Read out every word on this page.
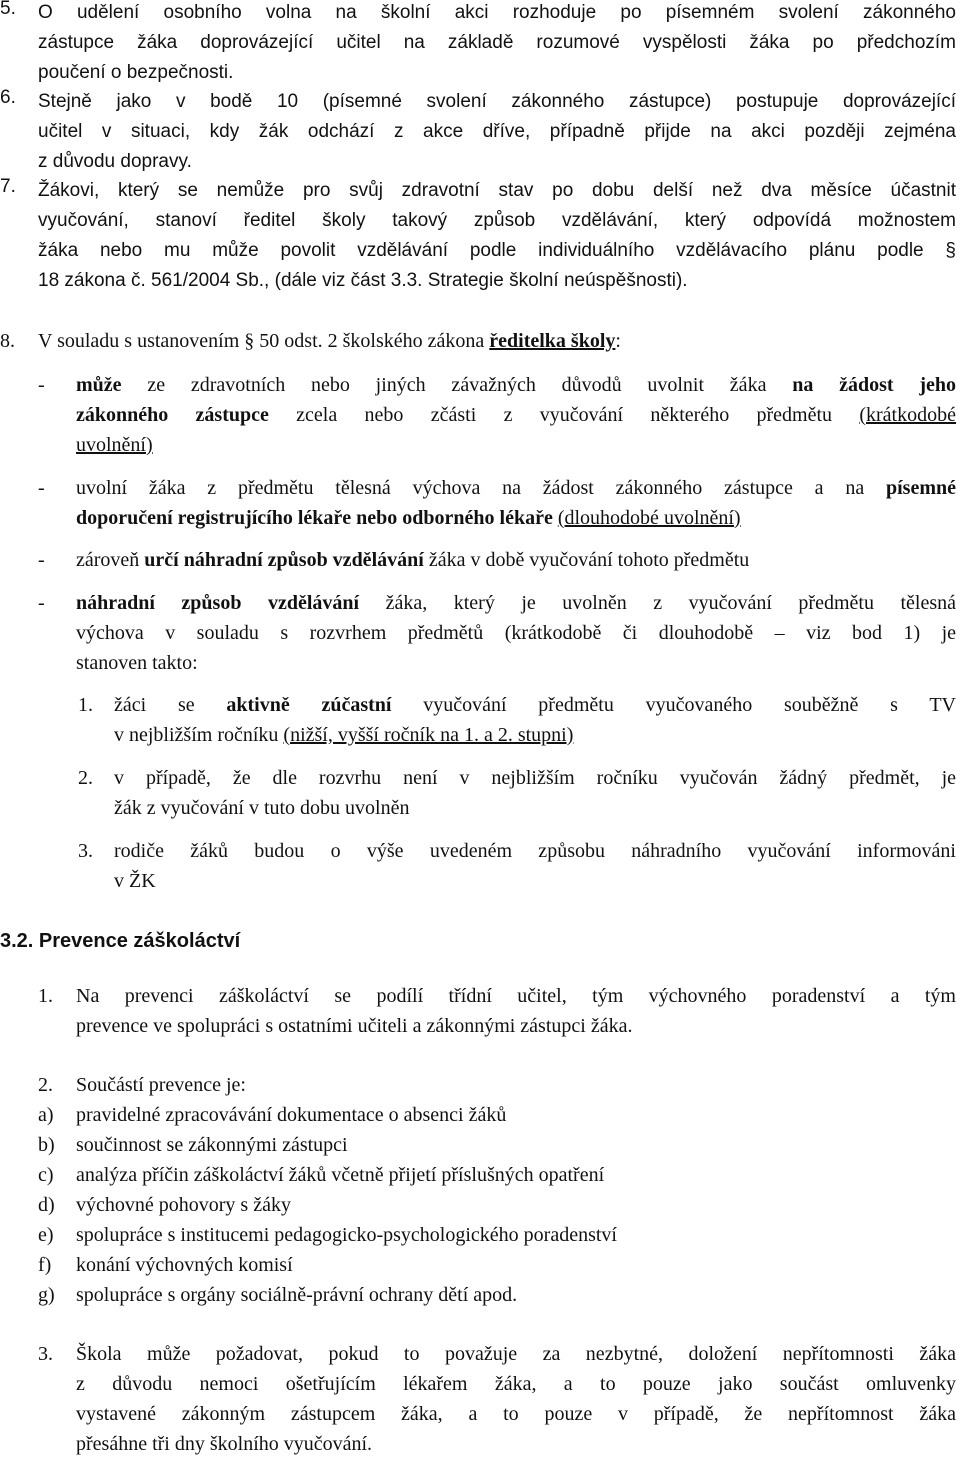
5. O udělení osobního volna na školní akci rozhoduje po písemném svolení zákonného
zástupce žáka doprovázející učitel na základě rozumové vyspělosti žáka po předchozím
poučení o bezpečnosti.
6. Stejně jako v bodě 10 (písemné svolení zákonného zástupce) postupuje doprovázející
učitel v situaci, kdy žák odchází z akce dříve, případně přijde na akci později zejména
z důvodu dopravy.
7. Žákovi, který se nemůže pro svůj zdravotní stav po dobu delší než dva měsíce účastnit
vyučování, stanoví ředitel školy takový způsob vzdělávání, který odpovídá možnostem
žáka nebo mu může povolit vzdělávání podle individuálního vzdělávacího plánu podle §
18 zákona č. 561/2004 Sb., (dále viz část 3.3. Strategie školní neúspěšnosti).
8. V souladu s ustanovením § 50 odst. 2 školského zákona ředitelka školy:
- může ze zdravotních nebo jiných závažných důvodů uvolnit žáka na žádost jeho
zákonného zástupce zcela nebo zčásti z vyučování některého předmětu (krátkodobé
uvolnění)
- uvolní žáka z předmětu tělesná výchova na žádost zákonného zástupce a na písemné
doporučení registrujícího lékaře nebo odborného lékaře (dlouhodobé uvolnění)
- zároveň určí náhradní způsob vzdělávání žáka v době vyučování tohoto předmětu
- náhradní způsob vzdělávání žáka, který je uvolněn z vyučování předmětu tělesná
výchova v souladu s rozvrhem předmětů (krátkodobě či dlouhodobě – viz bod 1) je
stanoven takto:
1. žáci se aktivně zúčastní vyučování předmětu vyučovaného souběžně s TV
v nejbližším ročníku (nižší, vyšší ročník na 1. a 2. stupni)
2. v případě, že dle rozvrhu není v nejbližším ročníku vyučován žádný předmět, je
žák z vyučování v tuto dobu uvolněn
3. rodiče žáků budou o výše uvedeném způsobu náhradního vyučování informováni
v ŽK
3.2. Prevence záškoláctví
1. Na prevenci záškoláctví se podílí třídní učitel, tým výchovného poradenství a tým
prevence ve spolupráci s ostatními učiteli a zákonnými zástupci žáka.
2. Součástí prevence je:
a) pravidelné zpracovávání dokumentace o absenci žáků
b) součinnost se zákonnými zástupci
c) analýza příčin záškoláctví žáků včetně přijetí příslušných opatření
d) výchovné pohovory s žáky
e) spolupráce s institucemi pedagogicko-psychologického poradenství
f) konání výchovných komisí
g) spolupráce s orgány sociálně-právní ochrany dětí apod.
3. Škola může požadovat, pokud to považuje za nezbytné, doložení nepřítomnosti žáka
z důvodu nemoci ošetřujícím lékařem žáka, a to pouze jako součást omluvenky
vystavené zákonným zástupcem žáka, a to pouze v případě, že nepřítomnost žáka
přesáhne tři dny školního vyučování.
